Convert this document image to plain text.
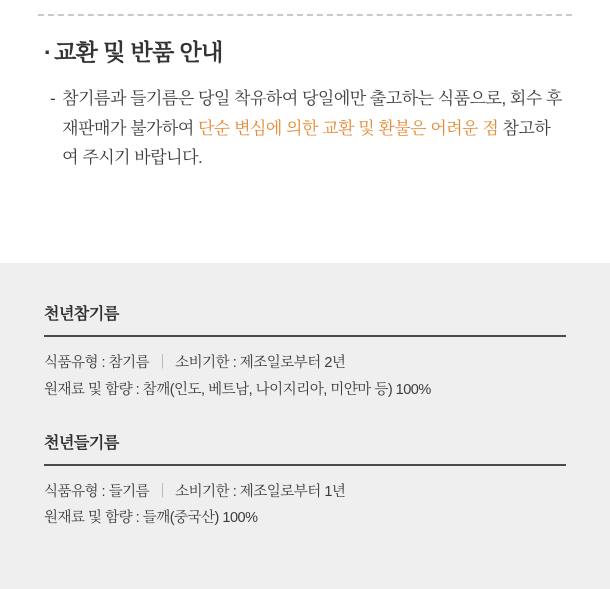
· 교환 및 반품 안내
- 참기름과 들기름은 당일 착유하여 당일에만 출고하는 식품으로, 회수 후 재판매가 불가하여 단순 변심에 의한 교환 및 환불은 어려운 점 참고하여 주시기 바랍니다.
천년참기름
식품유형 : 참기름 ｜ 소비기한 : 제조일로부터 2년
원재료 및 함량 : 참깨(인도, 베트남, 나이지리아, 미얀마 등) 100%
천년들기름
식품유형 : 들기름 ｜ 소비기한 : 제조일로부터 1년
원재료 및 함량 : 들깨(중국산) 100%
